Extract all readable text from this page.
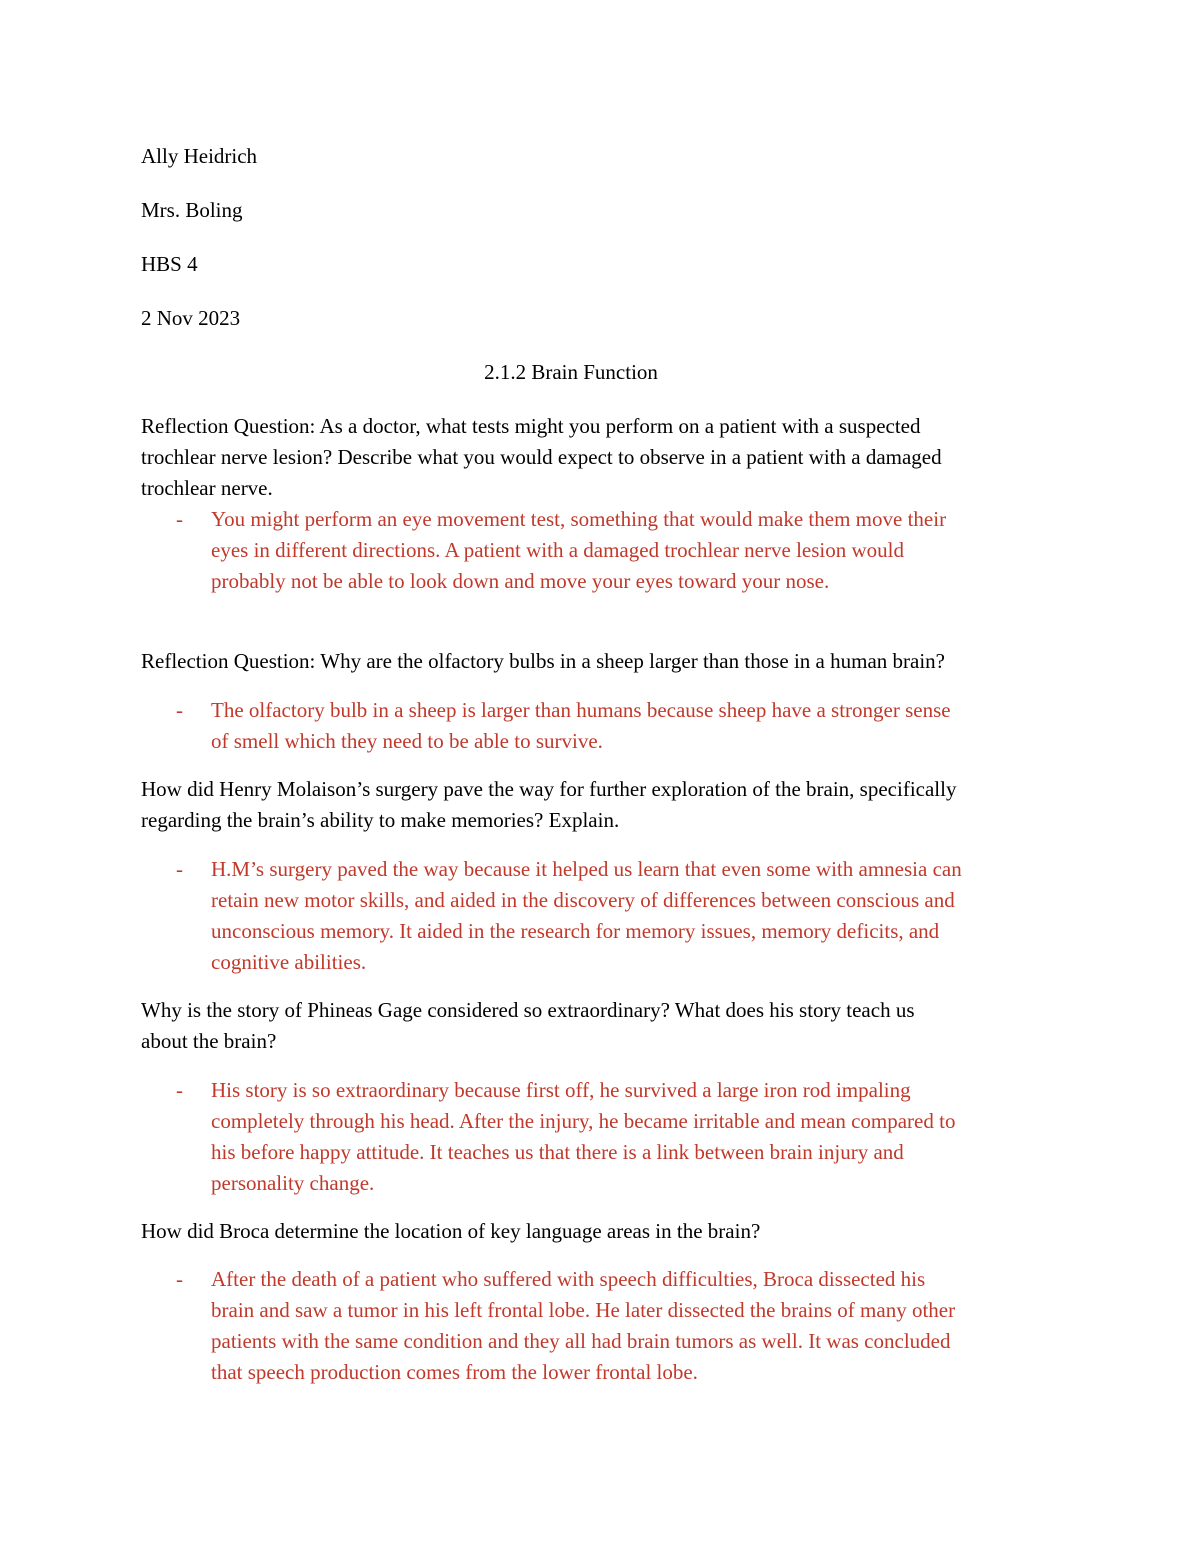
Ally Heidrich

Mrs. Boling

HBS 4

2 Nov 2023

2.1.2 Brain Function

Reflection Question: As a doctor, what tests might you perform on a patient with a suspected

trochlear nerve lesion? Describe what you would expect to observe in a patient with a damaged

trochlear nerve.

- You might perform an eye movement test, something that would make them move their

eyes in different directions. A patient with a damaged trochlear nerve lesion would

probably not be able to look down and move your eyes toward your nose.

Reflection Question: Why are the olfactory bulbs in a sheep larger than those in a human brain?

- The olfactory bulb in a sheep is larger than humans because sheep have a stronger sense

of smell which they need to be able to survive.

How did Henry Molaison’s surgery pave the way for further exploration of the brain, specifically

regarding the brain’s ability to make memories? Explain.

- H.M’s surgery paved the way because it helped us learn that even some with amnesia can

retain new motor skills, and aided in the discovery of differences between conscious and

unconscious memory. It aided in the research for memory issues, memory deficits, and

cognitive abilities.

Why is the story of Phineas Gage considered so extraordinary? What does his story teach us

about the brain?

- His story is so extraordinary because first off, he survived a large iron rod impaling

completely through his head. After the injury, he became irritable and mean compared to

his before happy attitude. It teaches us that there is a link between brain injury and

personality change.

How did Broca determine the location of key language areas in the brain?

- After the death of a patient who suffered with speech difficulties, Broca dissected his

brain and saw a tumor in his left frontal lobe. He later dissected the brains of many other

patients with the same condition and they all had brain tumors as well. It was concluded

that speech production comes from the lower frontal lobe.
